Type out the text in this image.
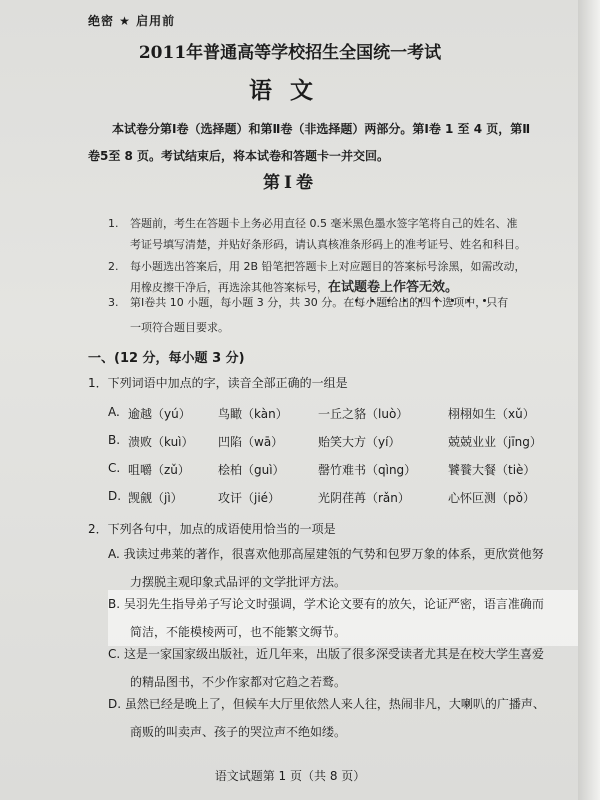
绝密 ★ 启用前
2011年普通高等学校招生全国统一考试
语文
本试卷分第Ⅰ卷（选择题）和第Ⅱ卷（非选择题）两部分。第Ⅰ卷 1 至 4 页，第Ⅱ
卷5至 8 页。考试结束后，将本试卷和答题卡一并交回。
第Ⅰ卷
1.	答题前，考生在答题卡上务必用直径 0.5 毫米黑色墨水签字笔将自己的姓名、准
考证号填写清楚，并贴好条形码，请认真核准条形码上的准考证号、姓名和科目。
2.	每小题选出答案后，用 2B 铅笔把答题卡上对应题目的答案标号涂黑，如需改动，
用橡皮擦干净后，再选涂其他答案标号，在试题卷上作答无效。
3.	第Ⅰ卷共 10 小题，每小题 3 分，共 30 分。在每小题给出的四个选项中，只有
一项符合题目要求。
一、(12 分，每小题 3 分)
1．下列词语中加点的字，读音全部正确的一组是
A. 逾越（yú） 鸟瞰（kàn）	一丘之貉（luò）	栩栩如生（xǔ）
B. 溃败（kuì） 凹陷（wā）	贻笑大方（yí）	兢兢业业（jīng）
C. 咀嚼（zǔ） 桧柏（guì）	罄竹难书（qìng）	饕餮大餐（tiè）
D. 觊觎（jì）	攻讦（jié）	光阴荏苒（rǎn）	心怀叵测（pǒ）
2．下列各句中，加点的成语使用恰当的一项是
A. 我读过弗莱的著作，很喜欢他那高屋建瓴的气势和包罗万象的体系，更欣赏他努
力摆脱主观印象式品评的文学批评方法。
B. 吴羽先生指导弟子写论文时强调，学术论文要有的放矢，论证严密，语言准确而
简洁，不能模棱两可，也不能繁文缛节。
C. 这是一家国家级出版社，近几年来，出版了很多深受读者尤其是在校大学生喜爱
的精品图书，不少作家都对它趋之若鹜。
D. 虽然已经是晚上了，但候车大厅里依然人来人往，热闹非凡，大喇叭的广播声、
商贩的叫卖声、孩子的哭泣声不绝如缕。
语文试题第 1 页（共 8 页）
